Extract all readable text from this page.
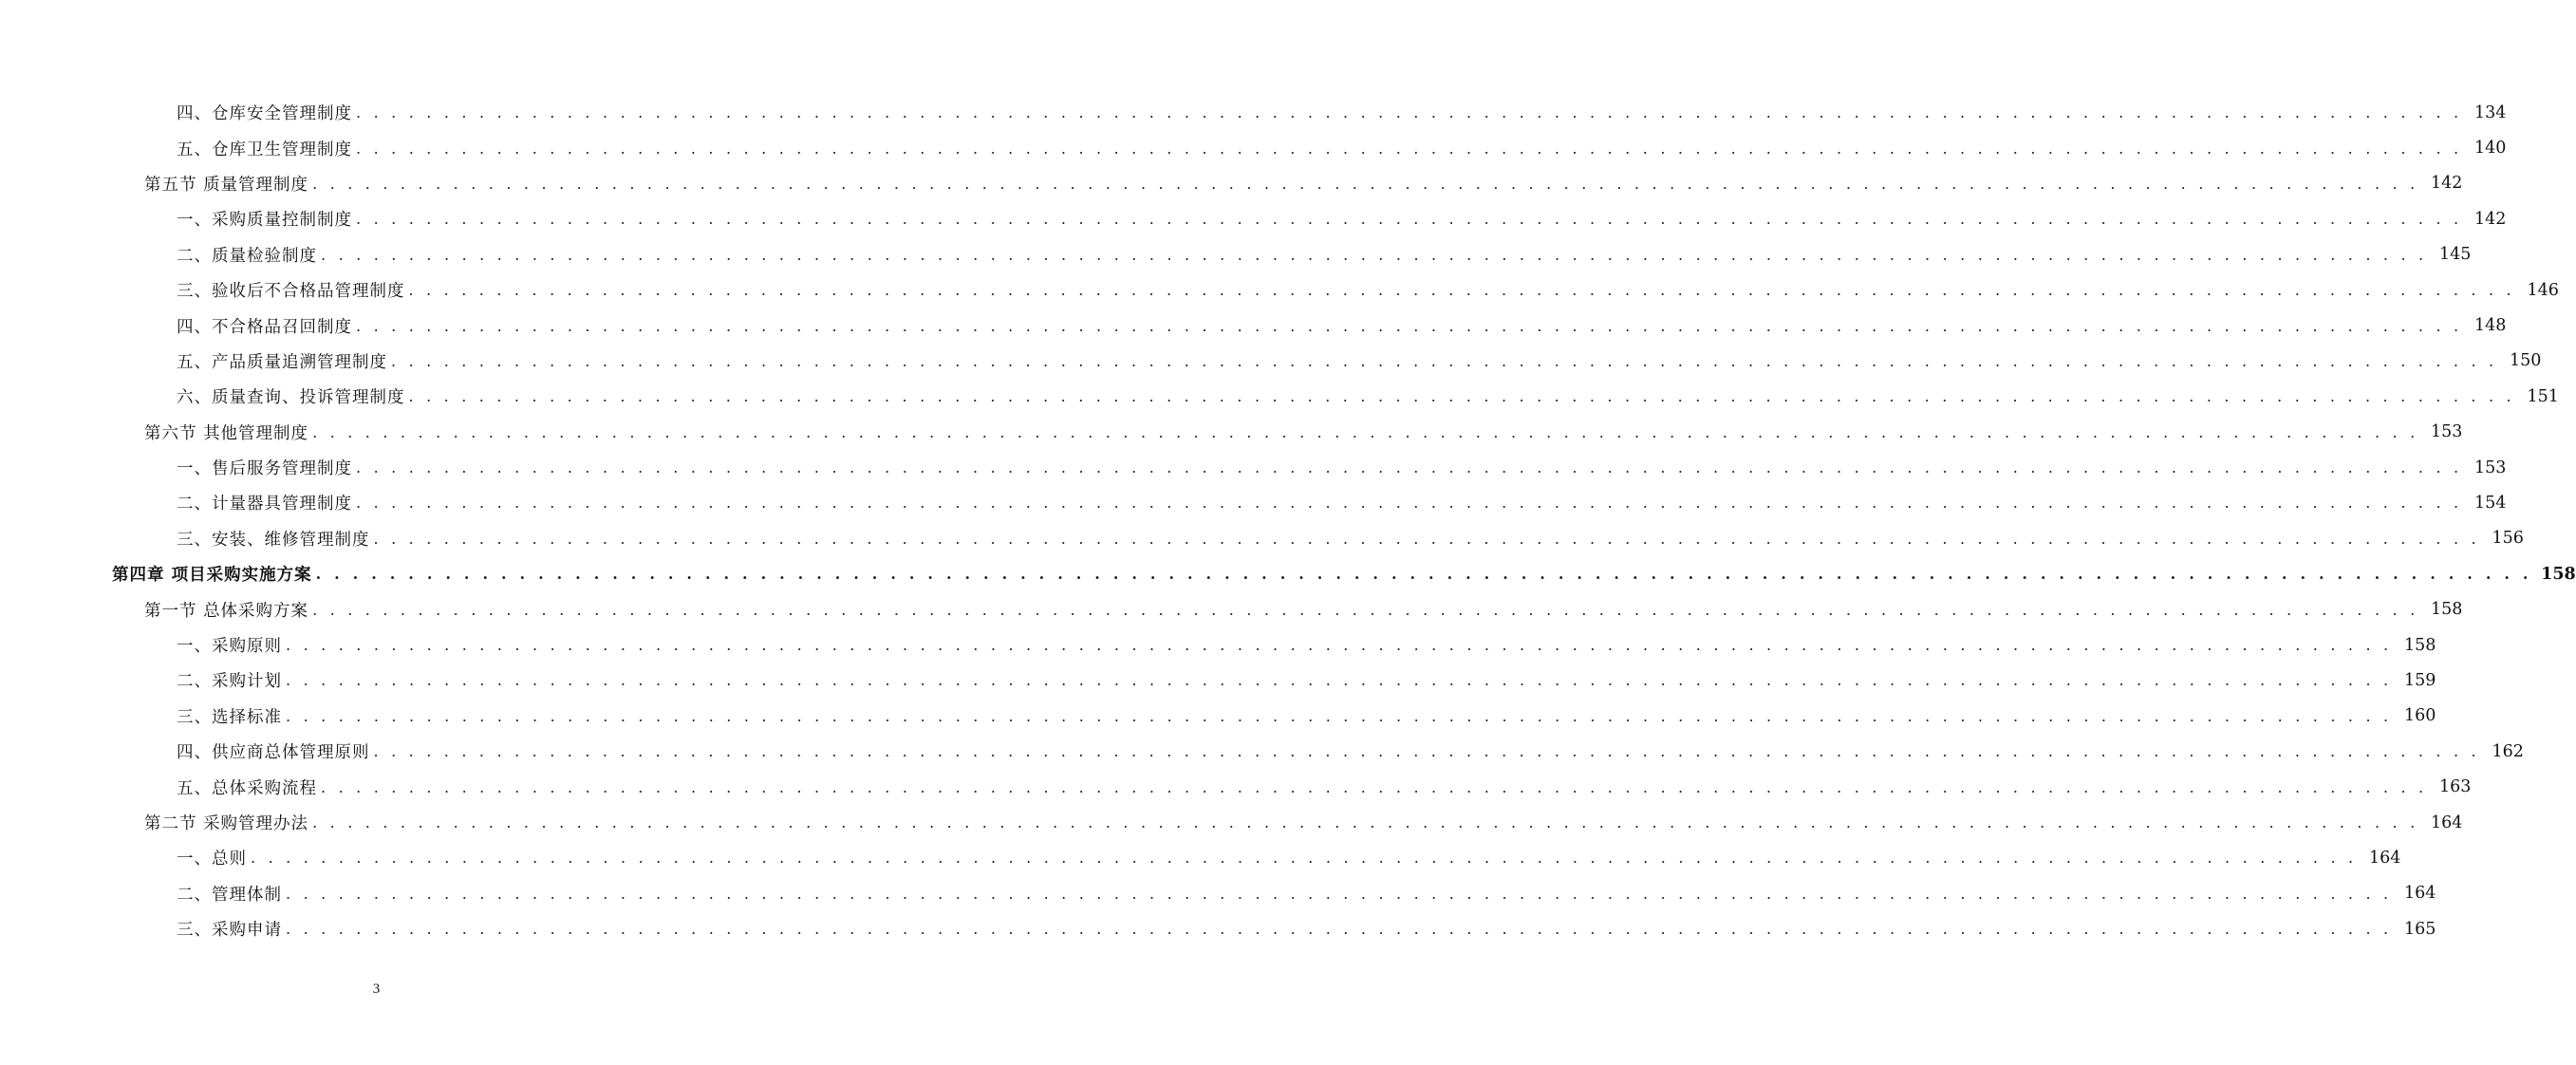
四、仓库安全管理制度 . . . . . . . . . . . . . . . . . . . . . . . . . . . . . . . . . . . . . . . . . . . . . . . . . . . . . . . . . . . . . . . . . . . . . . . . . . . . . . . . . . . . . . . . . . . . . . . . . . . . . . . . . . . . . . . . . . . . . . . . 134
五、仓库卫生管理制度 . . . . . . . . . . . . . . . . . . . . . . . . . . . . . . . . . . . . . . . . . . . . . . . . . . . . . . . . . . . . . . . . . . . . . . . . . . . . . . . . . . . . . . . . . . . . . . . . . . . . . . . . . . . . . . . . . . . . . . . . 140
第五节 质量管理制度 . . . . . . . . . . . . . . . . . . . . . . . . . . . . . . . . . . . . . . . . . . . . . . . . . . . . . . . . . . . . . . . . . . . . . . . . . . . . . . . . . . . . . . . . . . . . . . . . . . . . . . . . . . . . . . . . . . . . . . . . 142
一、采购质量控制制度 . . . . . . . . . . . . . . . . . . . . . . . . . . . . . . . . . . . . . . . . . . . . . . . . . . . . . . . . . . . . . . . . . . . . . . . . . . . . . . . . . . . . . . . . . . . . . . . . . . . . . . . . . . . . . . . . . . . . . . . . 142
二、质量检验制度 . . . . . . . . . . . . . . . . . . . . . . . . . . . . . . . . . . . . . . . . . . . . . . . . . . . . . . . . . . . . . . . . . . . . . . . . . . . . . . . . . . . . . . . . . . . . . . . . . . . . . . . . . . . . . . . . . . . . . . . . 145
三、验收后不合格品管理制度 . . . . . . . . . . . . . . . . . . . . . . . . . . . . . . . . . . . . . . . . . . . . . . . . . . . . . . . . . . . . . . . . . . . . . . . . . . . . . . . . . . . . . . . . . . . . . . . . . . . . . . . . . . . . . . . . . . . . . . . . 146
四、不合格品召回制度 . . . . . . . . . . . . . . . . . . . . . . . . . . . . . . . . . . . . . . . . . . . . . . . . . . . . . . . . . . . . . . . . . . . . . . . . . . . . . . . . . . . . . . . . . . . . . . . . . . . . . . . . . . . . . . . . . . . . . . . . 148
五、产品质量追溯管理制度 . . . . . . . . . . . . . . . . . . . . . . . . . . . . . . . . . . . . . . . . . . . . . . . . . . . . . . . . . . . . . . . . . . . . . . . . . . . . . . . . . . . . . . . . . . . . . . . . . . . . . . . . . . . . . . . . . . . . . . . . 150
六、质量查询、投诉管理制度 . . . . . . . . . . . . . . . . . . . . . . . . . . . . . . . . . . . . . . . . . . . . . . . . . . . . . . . . . . . . . . . . . . . . . . . . . . . . . . . . . . . . . . . . . . . . . . . . . . . . . . . . . . . . . . . . . . . . . . . . 151
第六节 其他管理制度 . . . . . . . . . . . . . . . . . . . . . . . . . . . . . . . . . . . . . . . . . . . . . . . . . . . . . . . . . . . . . . . . . . . . . . . . . . . . . . . . . . . . . . . . . . . . . . . . . . . . . . . . . . . . . . . . . . . . . . . . 153
一、售后服务管理制度 . . . . . . . . . . . . . . . . . . . . . . . . . . . . . . . . . . . . . . . . . . . . . . . . . . . . . . . . . . . . . . . . . . . . . . . . . . . . . . . . . . . . . . . . . . . . . . . . . . . . . . . . . . . . . . . . . . . . . . . . 153
二、计量器具管理制度 . . . . . . . . . . . . . . . . . . . . . . . . . . . . . . . . . . . . . . . . . . . . . . . . . . . . . . . . . . . . . . . . . . . . . . . . . . . . . . . . . . . . . . . . . . . . . . . . . . . . . . . . . . . . . . . . . . . . . . . . 154
三、安装、维修管理制度 . . . . . . . . . . . . . . . . . . . . . . . . . . . . . . . . . . . . . . . . . . . . . . . . . . . . . . . . . . . . . . . . . . . . . . . . . . . . . . . . . . . . . . . . . . . . . . . . . . . . . . . . . . . . . . . . . . . . . . . . 156
第四章 项目采购实施方案 . . . . . . . . . . . . . . . . . . . . . . . . . . . . . . . . . . . . . . . . . . . . . . . . . . . . . . . . . . . . . . . . . . . . . . . . . . . . . . . . . . . . . . . . . . . . . . . . . . . . . . . . . . . . . . . . . . . . . . . . 158
第一节 总体采购方案 . . . . . . . . . . . . . . . . . . . . . . . . . . . . . . . . . . . . . . . . . . . . . . . . . . . . . . . . . . . . . . . . . . . . . . . . . . . . . . . . . . . . . . . . . . . . . . . . . . . . . . . . . . . . . . . . . . . . . . . . 158
一、采购原则 . . . . . . . . . . . . . . . . . . . . . . . . . . . . . . . . . . . . . . . . . . . . . . . . . . . . . . . . . . . . . . . . . . . . . . . . . . . . . . . . . . . . . . . . . . . . . . . . . . . . . . . . . . . . . . . . . . . . . . . . 158
二、采购计划 . . . . . . . . . . . . . . . . . . . . . . . . . . . . . . . . . . . . . . . . . . . . . . . . . . . . . . . . . . . . . . . . . . . . . . . . . . . . . . . . . . . . . . . . . . . . . . . . . . . . . . . . . . . . . . . . . . . . . . . . 159
三、选择标准 . . . . . . . . . . . . . . . . . . . . . . . . . . . . . . . . . . . . . . . . . . . . . . . . . . . . . . . . . . . . . . . . . . . . . . . . . . . . . . . . . . . . . . . . . . . . . . . . . . . . . . . . . . . . . . . . . . . . . . . . 160
四、供应商总体管理原则 . . . . . . . . . . . . . . . . . . . . . . . . . . . . . . . . . . . . . . . . . . . . . . . . . . . . . . . . . . . . . . . . . . . . . . . . . . . . . . . . . . . . . . . . . . . . . . . . . . . . . . . . . . . . . . . . . . . . . . . . 162
五、总体采购流程 . . . . . . . . . . . . . . . . . . . . . . . . . . . . . . . . . . . . . . . . . . . . . . . . . . . . . . . . . . . . . . . . . . . . . . . . . . . . . . . . . . . . . . . . . . . . . . . . . . . . . . . . . . . . . . . . . . . . . . . . 163
第二节 采购管理办法 . . . . . . . . . . . . . . . . . . . . . . . . . . . . . . . . . . . . . . . . . . . . . . . . . . . . . . . . . . . . . . . . . . . . . . . . . . . . . . . . . . . . . . . . . . . . . . . . . . . . . . . . . . . . . . . . . . . . . . . . 164
一、总则 . . . . . . . . . . . . . . . . . . . . . . . . . . . . . . . . . . . . . . . . . . . . . . . . . . . . . . . . . . . . . . . . . . . . . . . . . . . . . . . . . . . . . . . . . . . . . . . . . . . . . . . . . . . . . . . . . . . . . . . . 164
二、管理体制 . . . . . . . . . . . . . . . . . . . . . . . . . . . . . . . . . . . . . . . . . . . . . . . . . . . . . . . . . . . . . . . . . . . . . . . . . . . . . . . . . . . . . . . . . . . . . . . . . . . . . . . . . . . . . . . . . . . . . . . . 164
三、采购申请 . . . . . . . . . . . . . . . . . . . . . . . . . . . . . . . . . . . . . . . . . . . . . . . . . . . . . . . . . . . . . . . . . . . . . . . . . . . . . . . . . . . . . . . . . . . . . . . . . . . . . . . . . . . . . . . . . . . . . . . . 165
3
